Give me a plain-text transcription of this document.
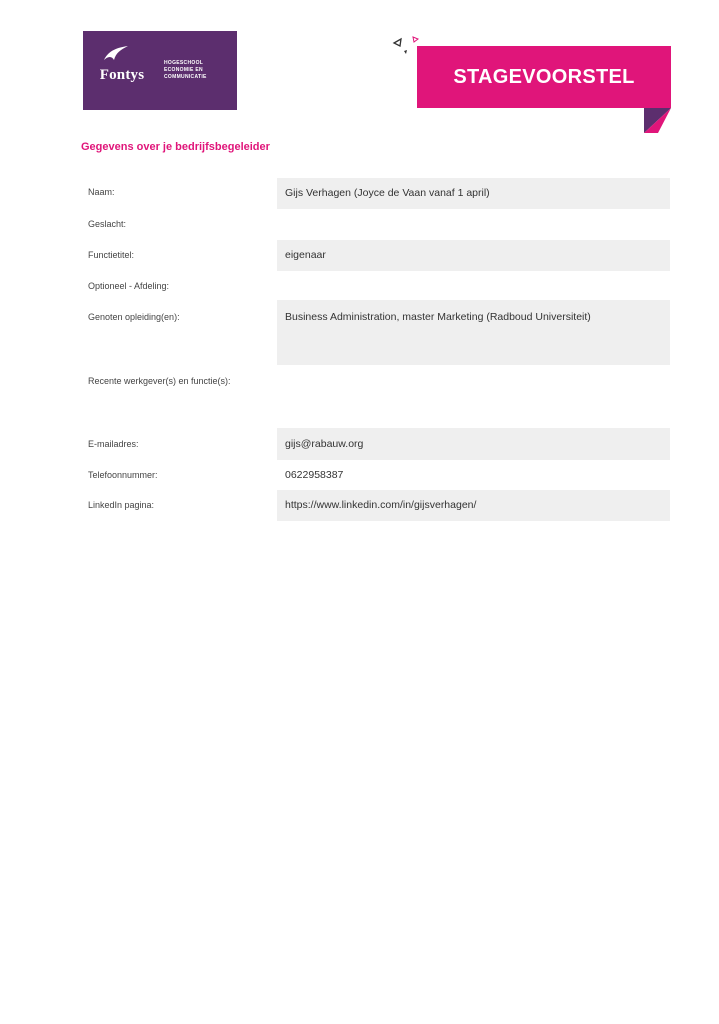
Fontys
HOGESCHOOL
ECONOMIE EN
COMMUNICATIE	STAGEVOORSTEL
Gegevens over je bedrijfsbegeleider
Naam:	Gijs Verhagen (Joyce de Vaan vanaf 1 april)
Geslacht:
Functietitel:	eigenaar
Optioneel - Afdeling:
Genoten opleiding(en):	Business Administration, master Marketing (Radboud Universiteit)
Recente werkgever(s) en functie(s):
E-mailadres:	gijs@rabauw.org
Telefoonnummer:	0622958387
LinkedIn pagina:	https://www.linkedin.com/in/gijsverhagen/
